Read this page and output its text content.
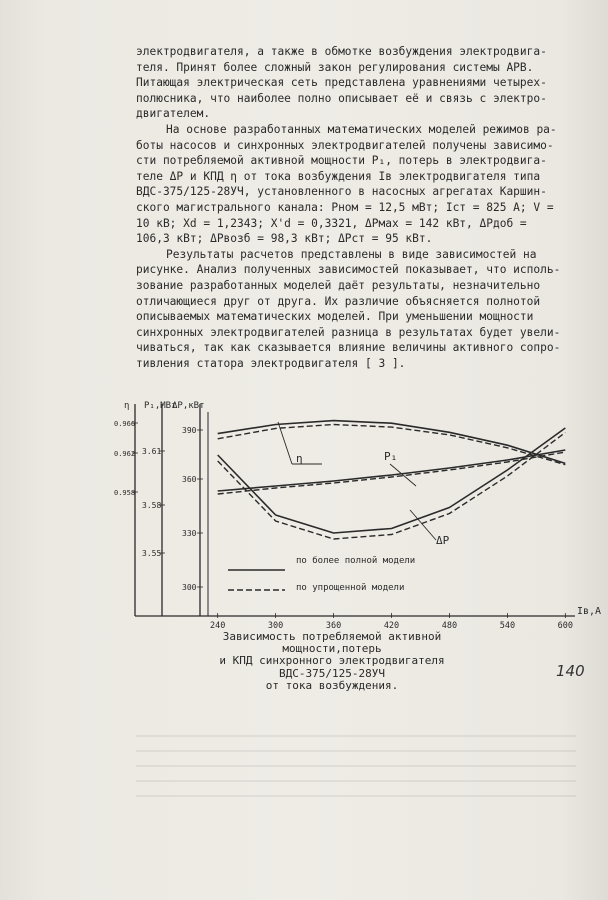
электродвигателя, а также в обмотке возбуждения электродвига-
теля. Принят более сложный закон регулирования системы АРВ.
Питающая электрическая сеть представлена уравнениями четырех-
полюсника, что наиболее полно описывает её и связь с электро-
двигателем.
На основе разработанных математических моделей режимов ра-
боты насосов и синхронных электродвигателей получены зависимо-
сти потребляемой активной мощности P₁, потерь в электродвига-
теле ΔP и КПД η от тока возбуждения Iв электродвигателя типа
ВДС-375/125-28УЧ, установленного в насосных агрегатах Каршин-
ского магистрального канала: Pном = 12,5 мВт; Iст = 825 А; V =
10 кВ; Xd = 1,2343; X'd = 0,3321, ΔPмах = 142 кВт, ΔPдоб =
106,3 кВт; ΔPвозб = 98,3 кВт; ΔPст = 95 кВт.
Результаты расчетов представлены в виде зависимостей на
рисунке. Анализ полученных зависимостей показывает, что исполь-
зование разработанных моделей даёт результаты, незначительно
отличающиеся друг от друга. Их различие объясняется полнотой
описываемых математических моделей. При уменьшении мощности
синхронных электродвигателей разница в результатах будет увели-
чиваться, так как сказывается влияние величины активного сопро-
тивления статора электродвигателя [ 3 ].
η P₁,МВт
ΔP,кВт
0.966
0.962
0.958
3.61
3.58
3.55
390
360
330
300
240	300	360	420	480	540	600
Iв,А
η	P₁
ΔP
по более полной модели
по упрощенной модели
Зависимость потребляемой активной мощности,потерь
и КПД синхронного электродвигателя ВДС-375/125-28УЧ
от тока возбуждения.
140
